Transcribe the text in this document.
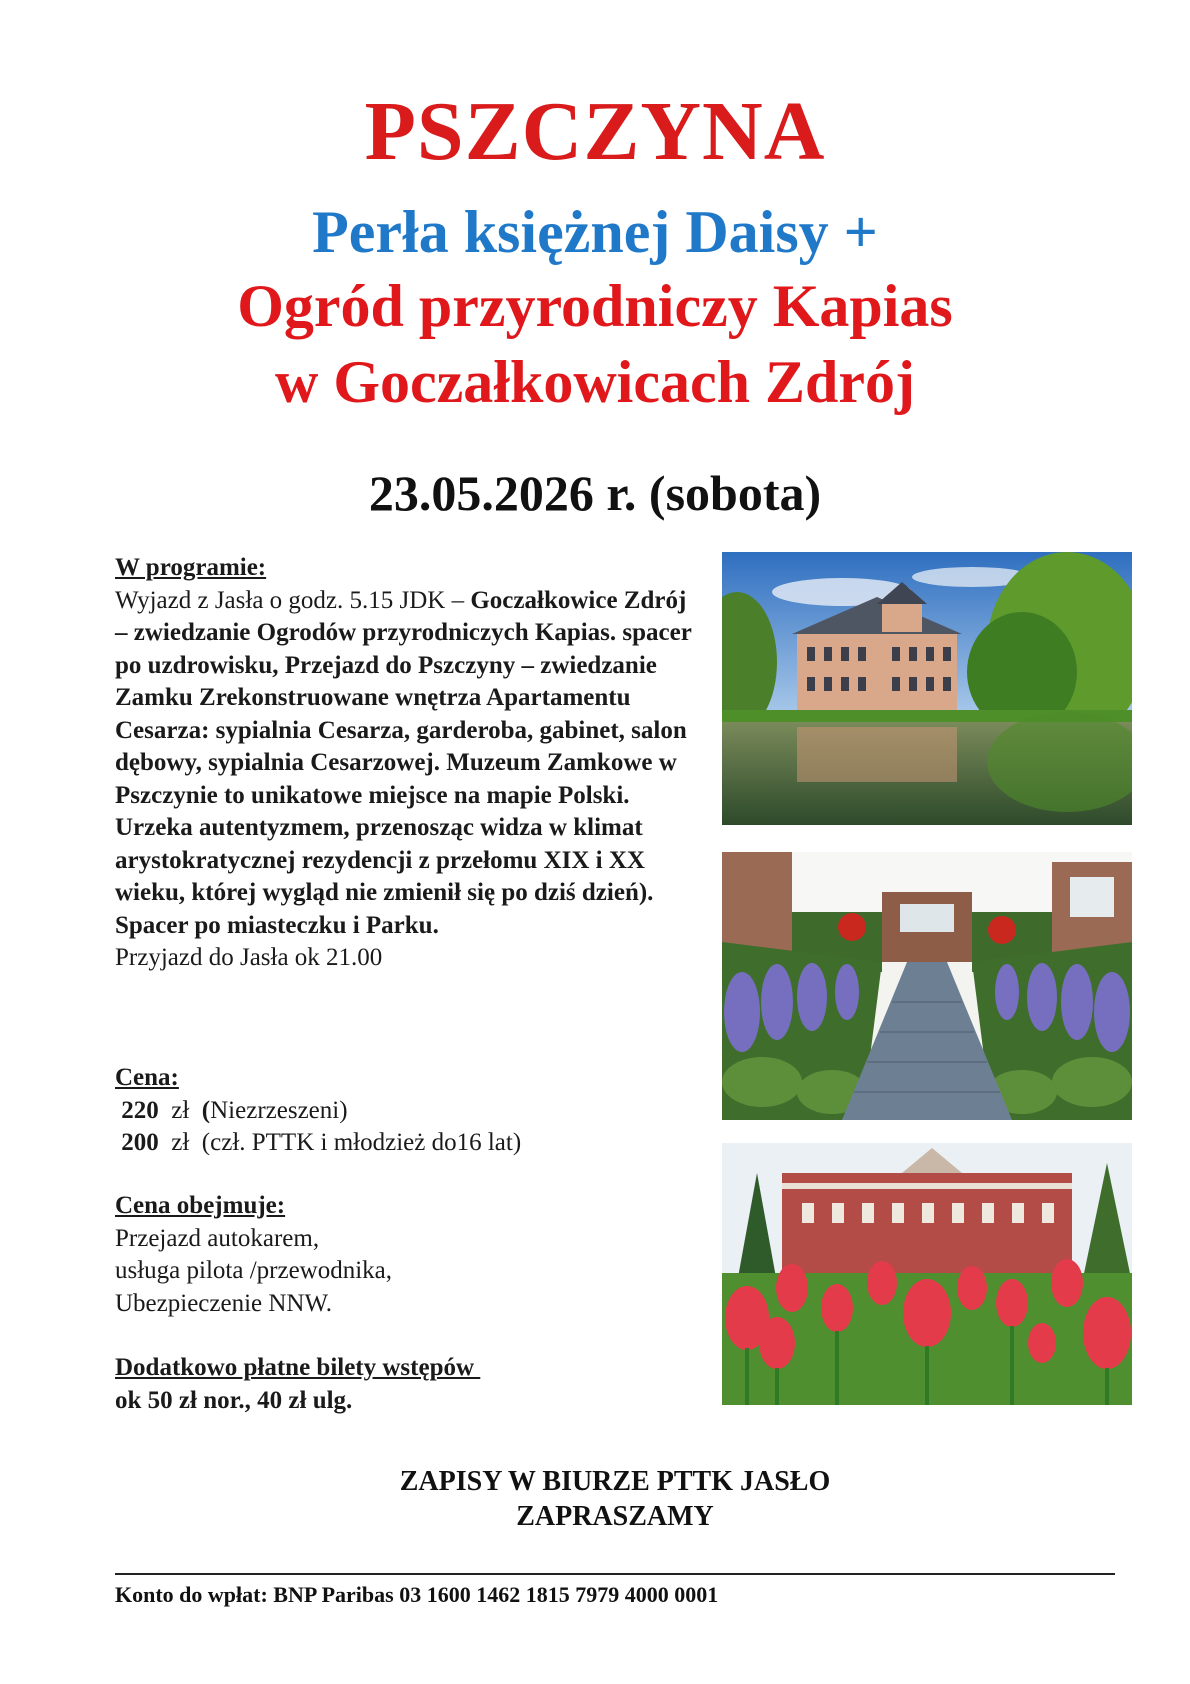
PSZCZYNA
Perła księżnej Daisy +
Ogród przyrodniczy Kapias
w Goczałkowicach Zdrój
23.05.2026 r. (sobota)

W programie:

Wyjazd z Jasła o godz. 5.15 JDK – Goczałkowice Zdrój – zwiedzanie Ogrodów przyrodniczych Kapias. spacer po uzdrowisku, Przejazd do Pszczyny – zwiedzanie Zamku Zrekonstruowane wnętrza Apartamentu Cesarza: sypialnia Cesarza, garderoba, gabinet, salon dębowy, sypialnia Cesarzowej. Muzeum Zamkowe w Pszczynie to unikatowe miejsce na mapie Polski. Urzeka autentyzmem, przenosząc widza w klimat arystokratycznej rezydencji z przełomu XIX i XX wieku, której wygląd nie zmienił się po dziś dzień). Spacer po miasteczku i Parku.

Przyjazd do Jasła ok 21.00

Cena:

220 zł (Niezrzeszeni)

200 zł (czł. PTTK i młodzież do16 lat)

Cena obejmuje:

Przejazd autokarem,

usługa pilota /przewodnika,

Ubezpieczenie NNW.

Dodatkowo płatne bilety wstępów

ok 50 zł nor., 40 zł ulg.

ZAPISY W BIURZE PTTK JASŁO
ZAPRASZAMY
Konto do wpłat: BNP Paribas 03 1600 1462 1815 7979 4000 0001
